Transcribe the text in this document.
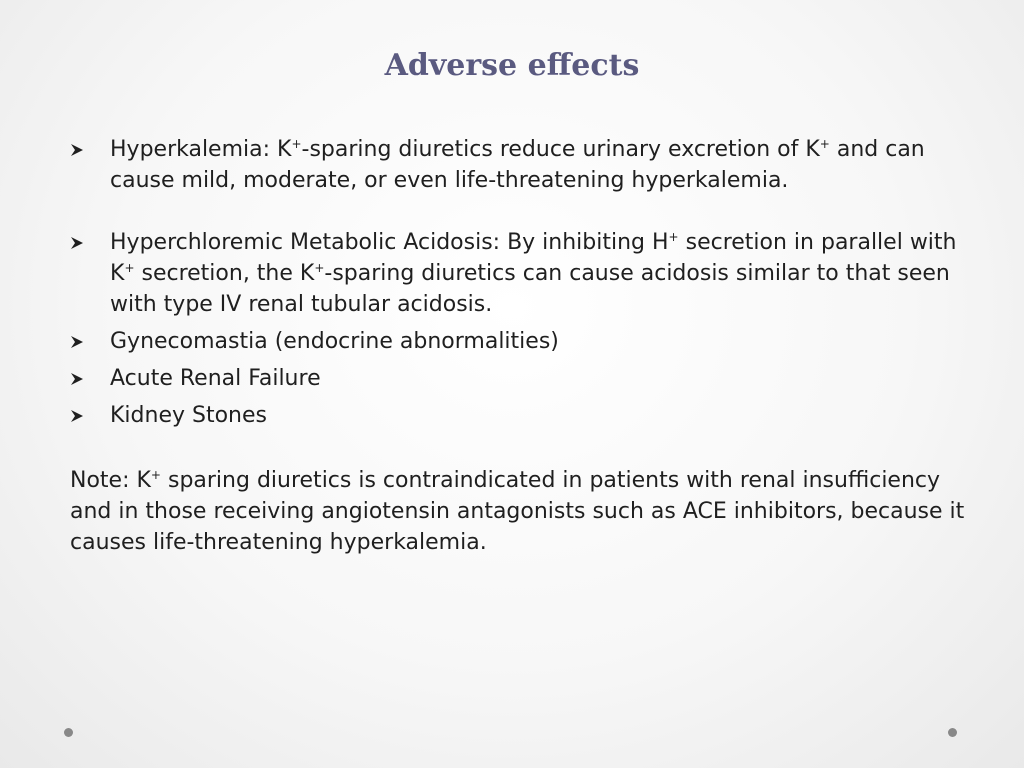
Adverse effects
Hyperkalemia: K+-sparing diuretics reduce urinary excretion of K+ and can cause mild, moderate, or even life-threatening hyperkalemia.
Hyperchloremic Metabolic Acidosis: By inhibiting H+ secretion in parallel with K+ secretion, the K+-sparing diuretics can cause acidosis similar to that seen with type IV renal tubular acidosis.
Gynecomastia (endocrine abnormalities)
Acute Renal Failure
Kidney Stones

Note: K+ sparing diuretics is contraindicated in patients with renal insufficiency and in those receiving angiotensin antagonists such as ACE inhibitors, because it causes life-threatening hyperkalemia.
